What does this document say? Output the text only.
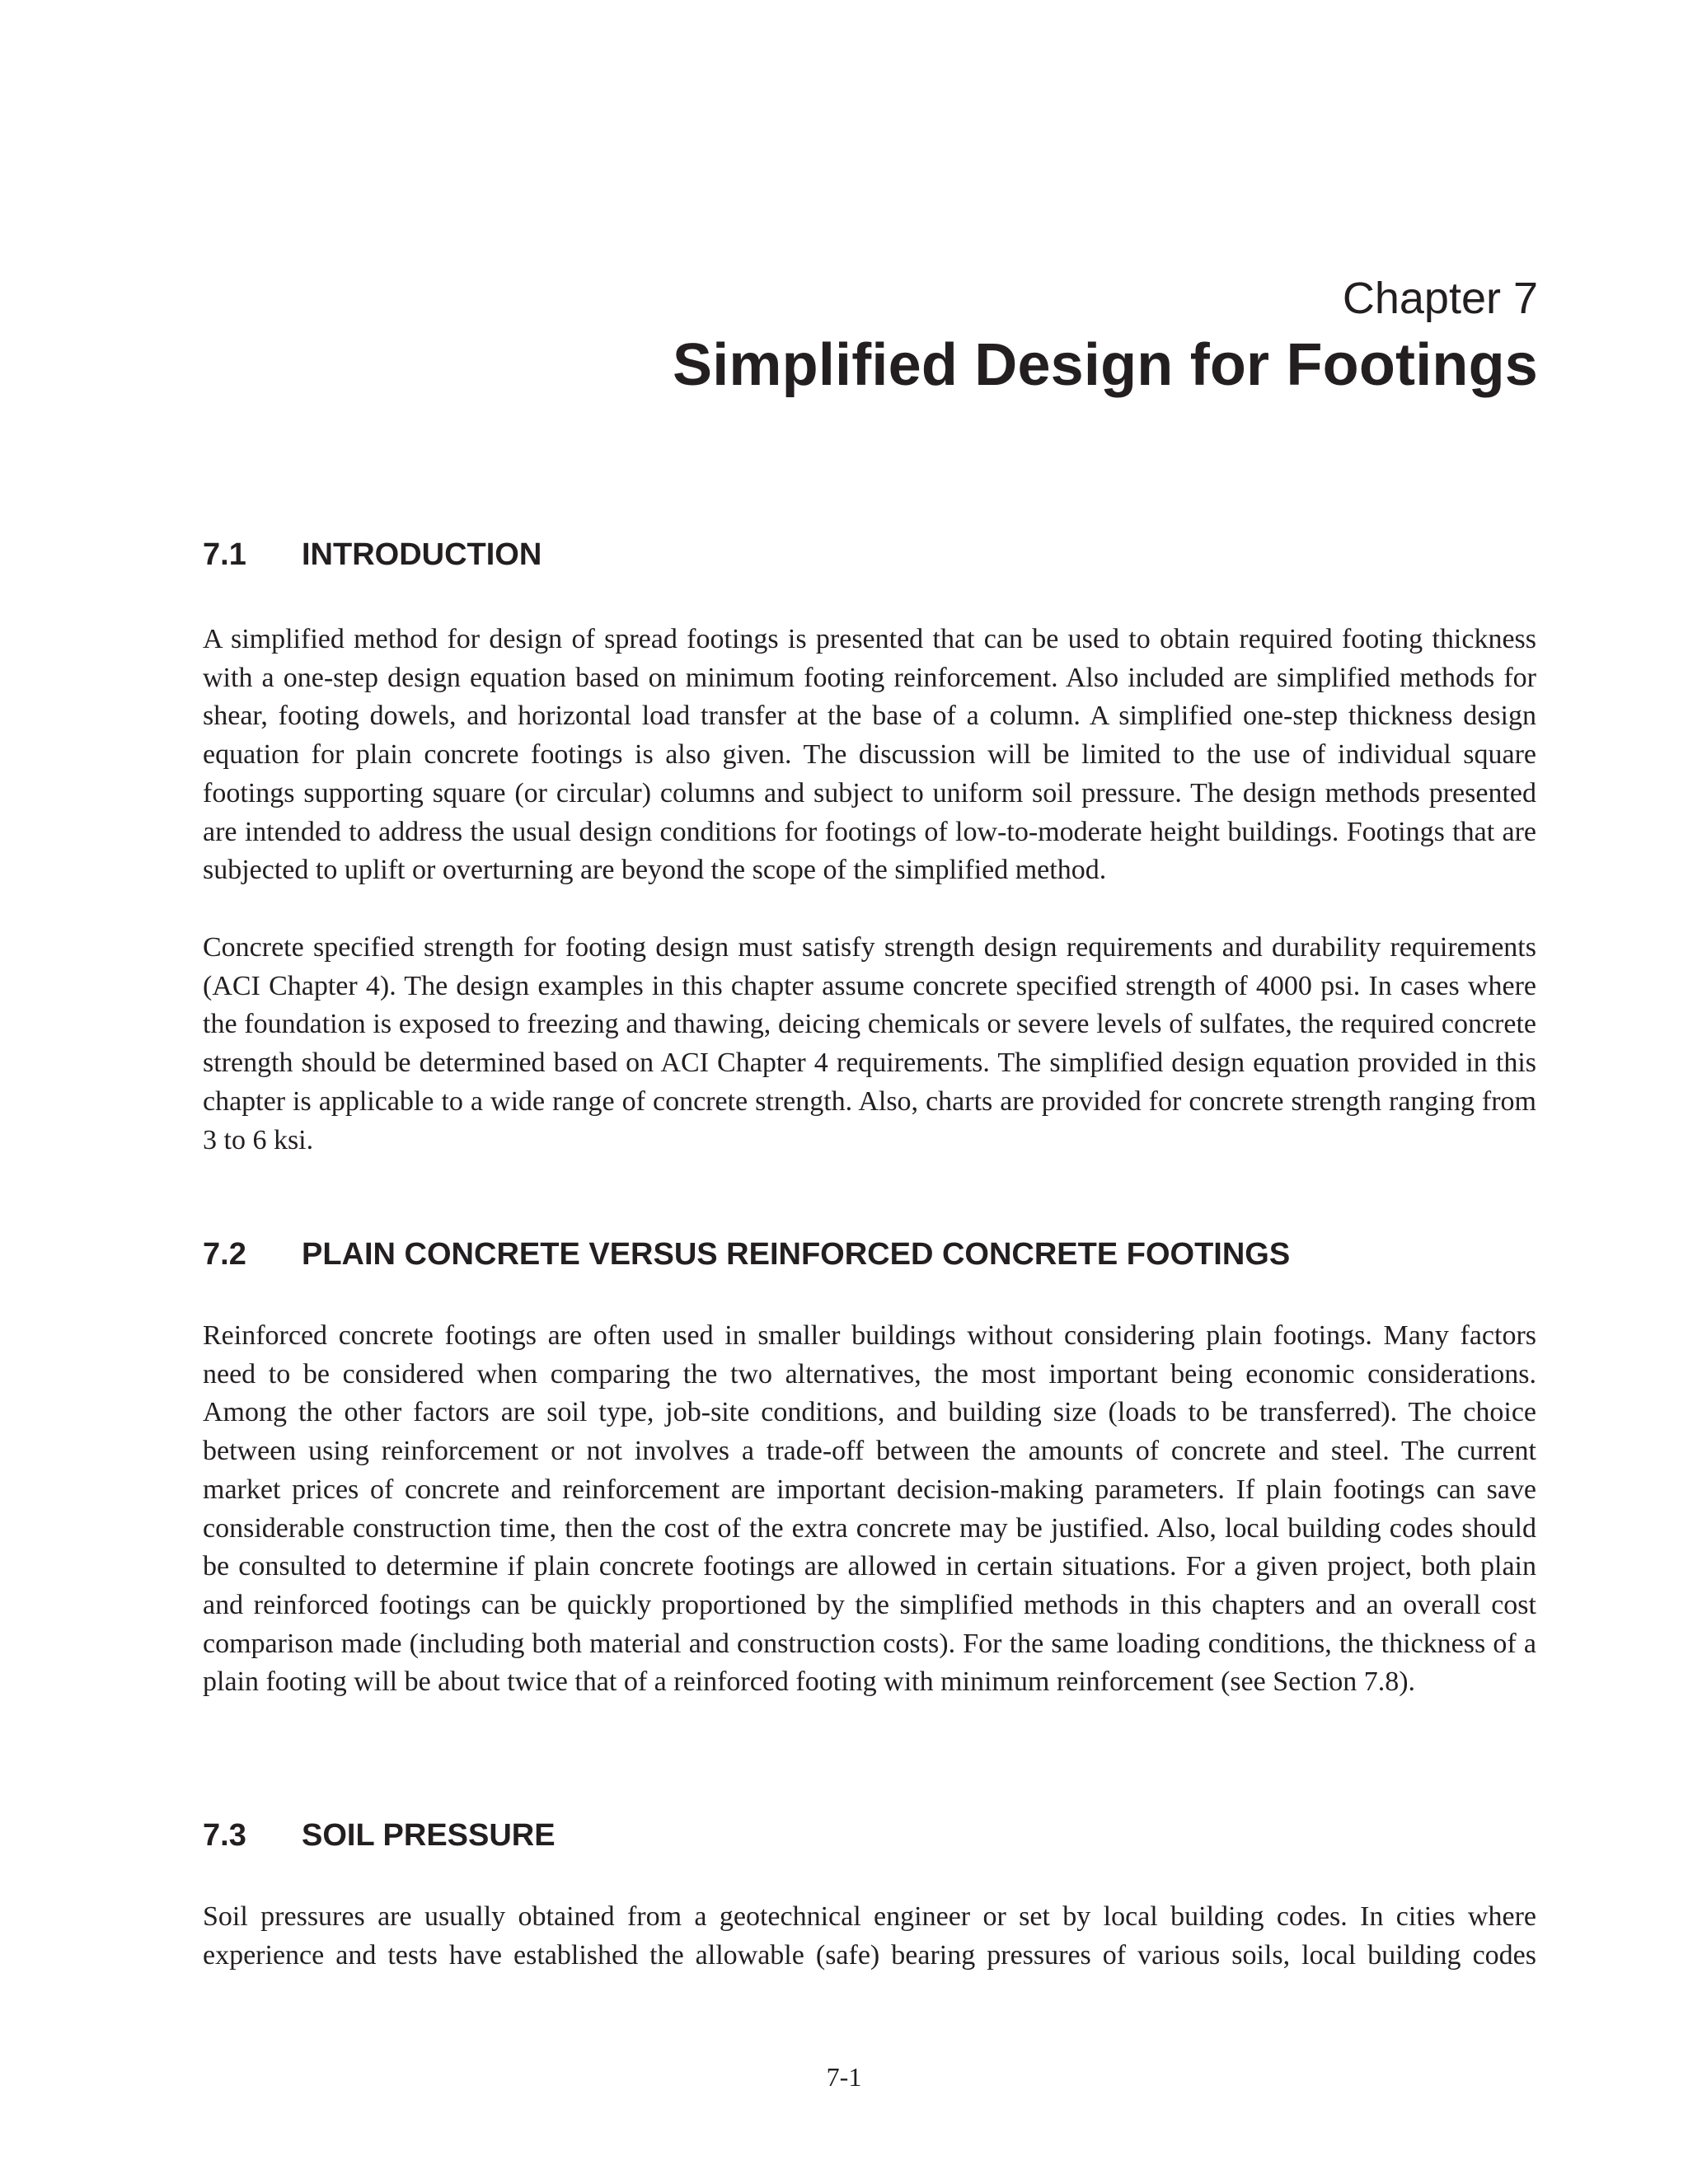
Chapter 7

Simplified Design for Footings
7.1 INTRODUCTION

A simplified method for design of spread footings is presented that can be used to obtain required footing thickness with a one-step design equation based on minimum footing reinforcement. Also included are simplified methods for shear, footing dowels, and horizontal load transfer at the base of a column. A simplified one-step thickness design equation for plain concrete footings is also given. The discussion will be limited to the use of individual square footings supporting square (or circular) columns and subject to uniform soil pressure. The design methods presented are intended to address the usual design conditions for footings of low-to-moderate height buildings. Footings that are subjected to uplift or overturning are beyond the scope of the simplified method.

Concrete specified strength for footing design must satisfy strength design requirements and durability requirements (ACI Chapter 4). The design examples in this chapter assume concrete specified strength of 4000 psi. In cases where the foundation is exposed to freezing and thawing, deicing chemicals or severe levels of sulfates, the required concrete strength should be determined based on ACI Chapter 4 requirements. The simplified design equation provided in this chapter is applicable to a wide range of concrete strength. Also, charts are provided for concrete strength ranging from 3 to 6 ksi.

7.2 PLAIN CONCRETE VERSUS REINFORCED CONCRETE FOOTINGS

Reinforced concrete footings are often used in smaller buildings without considering plain footings. Many factors need to be considered when comparing the two alternatives, the most important being economic considerations. Among the other factors are soil type, job-site conditions, and building size (loads to be transferred). The choice between using reinforcement or not involves a trade-off between the amounts of concrete and steel. The current market prices of concrete and reinforcement are important decision-making parameters. If plain footings can save considerable construction time, then the cost of the extra concrete may be justified. Also, local building codes should be consulted to determine if plain concrete footings are allowed in certain situations. For a given project, both plain and reinforced footings can be quickly proportioned by the simplified methods in this chapters and an overall cost comparison made (including both material and construction costs). For the same loading conditions, the thickness of a plain footing will be about twice that of a reinforced footing with minimum reinforcement (see Section 7.8).

7.3 SOIL PRESSURE

Soil pressures are usually obtained from a geotechnical engineer or set by local building codes. In cities where experience and tests have established the allowable (safe) bearing pressures of various soils, local building codes

7-1
